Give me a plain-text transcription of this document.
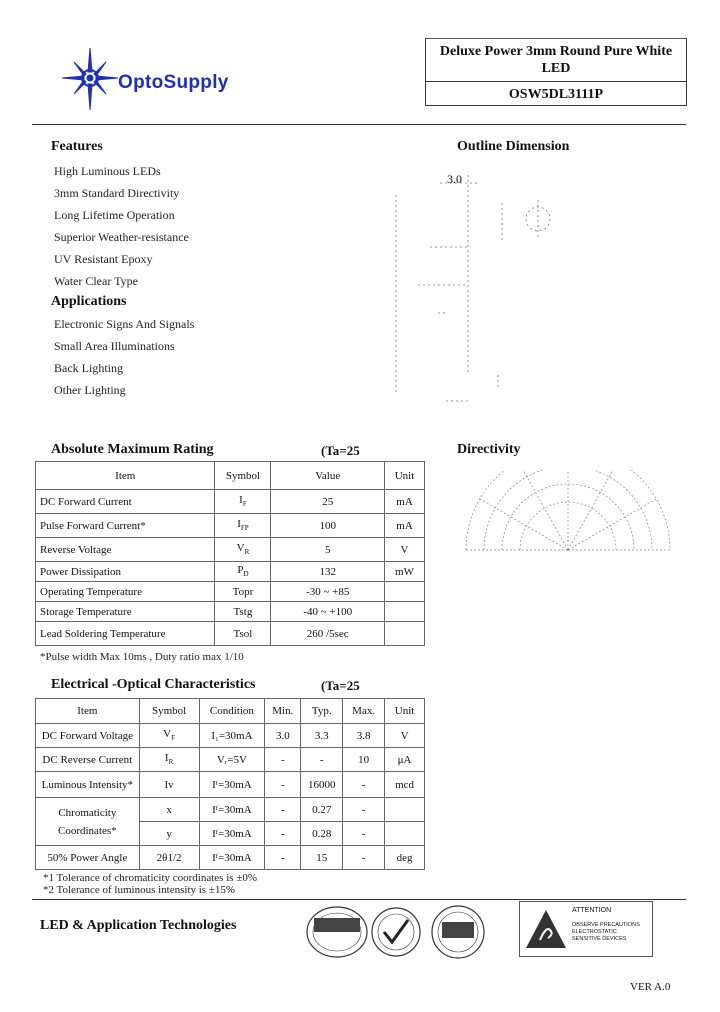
OptoSupply
Deluxe Power 3mm Round Pure White LED
OSW5DL3111P
Features
High Luminous LEDs
3mm Standard Directivity
Long Lifetime Operation
Superior Weather-resistance
UV Resistant Epoxy
Water Clear Type
Applications
Electronic Signs And Signals
Small Area Illuminations
Back Lighting
Other Lighting
Outline Dimension
3.0
Absolute Maximum Rating	(Ta=25
Item	Symbol	Value	Unit
DC Forward Current	$I_F$	25	mA
Pulse Forward Current*	$I_{FP}$	100	mA
Reverse Voltage	$V_R$	5	V
Power Dissipation	$P_D$	132	mW
Operating Temperature	Topr	-30 ~ +85	
Storage Temperature	Tstg	-40 ~ +100	
Lead Soldering Temperature	Tsol	260 /5sec	
*Pulse width Max 10ms , Duty ratio max 1/10
Directivity
Electrical -Optical Characteristics	(Ta=25
Item	Symbol	Condition	Min.	Typ.	Max.	Unit
DC Forward Voltage	$V_F$	I₁=30mA	3.0	3.3	3.8	V
DC Reverse Current	$I_R$	Vᵣ=5V	-	-	10	μA
Luminous Intensity*	Iv	Iᶠ=30mA	-	16000	-	mcd
Chromaticity Coordinates*	x	Iᶠ=30mA	-	0.27	-	
	y	Iᶠ=30mA	-	0.28	-	
50% Power Angle	2θ1/2	Iᶠ=30mA	-	15	-	deg
*1 Tolerance of chromaticity coordinates is ±0%
*2 Tolerance of luminous intensity is ±15%
LED & Application Technologies
ATTENTION
OBSERVE PRECAUTIONS
ELECTROSTATIC
SENSITIVE DEVICES
VER A.0
